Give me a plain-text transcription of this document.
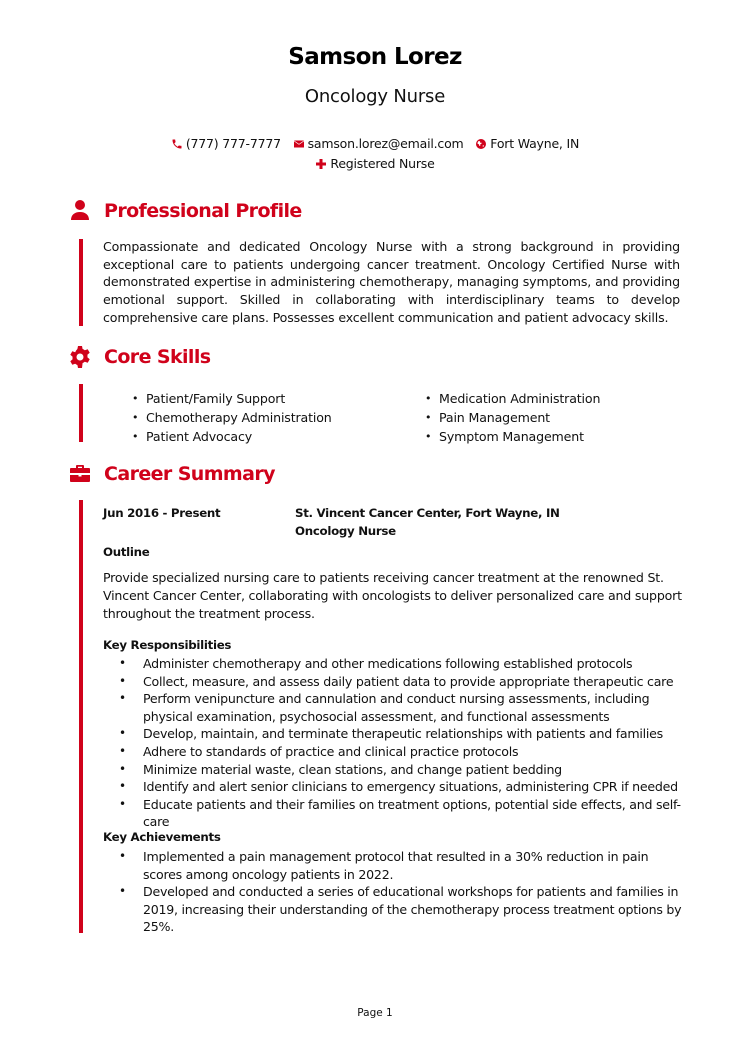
Samson Lorez
Oncology Nurse
(777) 777-7777
samson.lorez@email.com
Fort Wayne, IN
Registered Nurse
Professional Profile
Compassionate and dedicated Oncology Nurse with a strong background in providing exceptional care to patients undergoing cancer treatment. Oncology Certified Nurse with demonstrated expertise in administering chemotherapy, managing symptoms, and providing emotional support. Skilled in collaborating with interdisciplinary teams to develop comprehensive care plans. Possesses excellent communication and patient advocacy skills.
Core Skills
• Patient/Family Support
• Chemotherapy Administration
• Patient Advocacy
• Medication Administration
• Pain Management
• Symptom Management
Career Summary
Jun 2016 - Present	St. Vincent Cancer Center, Fort Wayne, IN
Oncology Nurse
Outline
Provide specialized nursing care to patients receiving cancer treatment at the renowned St. Vincent Cancer Center, collaborating with oncologists to deliver personalized care and support throughout the treatment process.
Key Responsibilities
• Administer chemotherapy and other medications following established protocols
• Collect, measure, and assess daily patient data to provide appropriate therapeutic care
• Perform venipuncture and cannulation and conduct nursing assessments, including physical examination, psychosocial assessment, and functional assessments
• Develop, maintain, and terminate therapeutic relationships with patients and families
• Adhere to standards of practice and clinical practice protocols
• Minimize material waste, clean stations, and change patient bedding
• Identify and alert senior clinicians to emergency situations, administering CPR if needed
• Educate patients and their families on treatment options, potential side effects, and self-care
Key Achievements
• Implemented a pain management protocol that resulted in a 30% reduction in pain scores among oncology patients in 2022.
• Developed and conducted a series of educational workshops for patients and families in 2019, increasing their understanding of the chemotherapy process treatment options by 25%.
Page 1
